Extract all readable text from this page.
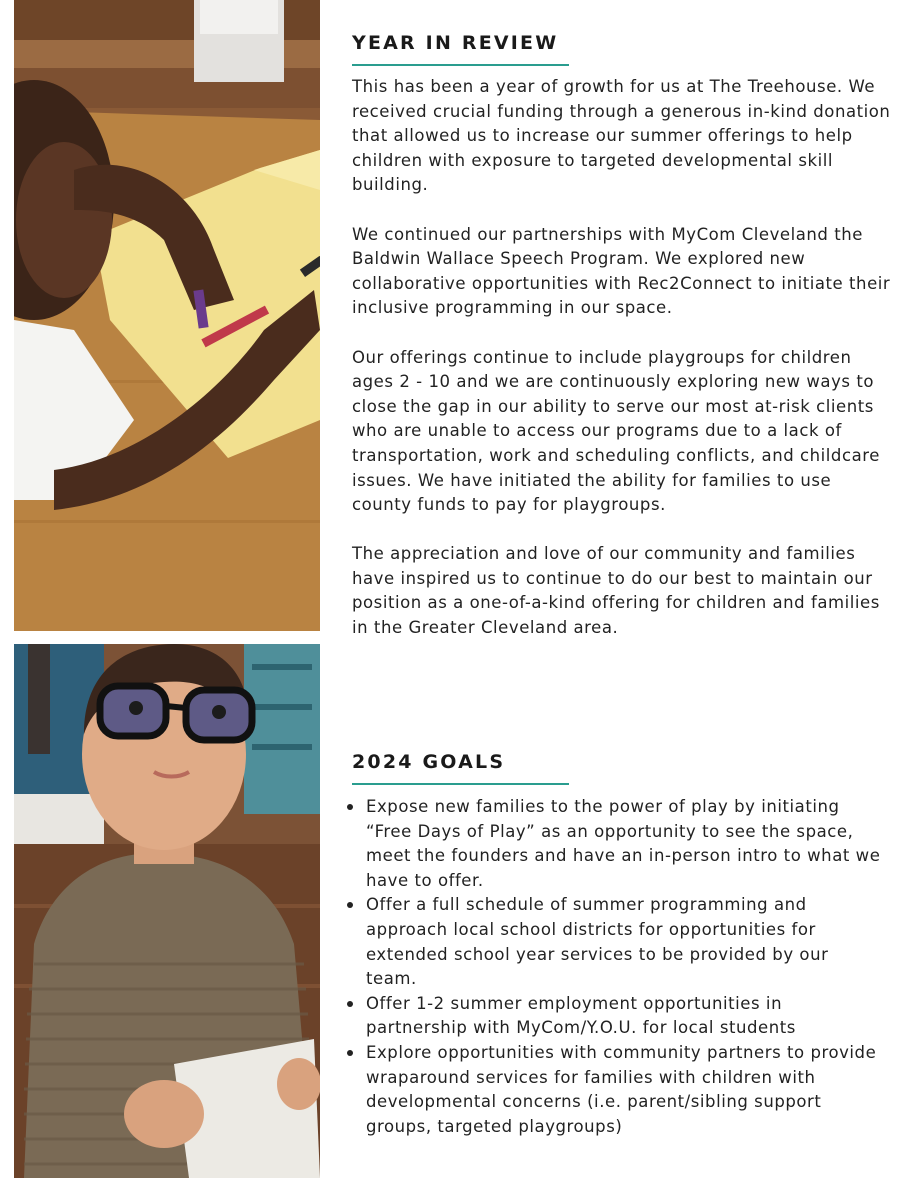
YEAR IN REVIEW

This has been a year of growth for us at The Treehouse. We received crucial funding through a generous in-kind donation that allowed us to increase our summer offerings to help children with exposure to targeted developmental skill building.

We continued our partnerships with MyCom Cleveland the Baldwin Wallace Speech Program. We explored new collaborative opportunities with Rec2Connect to initiate their inclusive programming in our space.

Our offerings continue to include playgroups for children ages 2 - 10 and we are continuously exploring new ways to close the gap in our ability to serve our most at-risk clients who are unable to access our programs due to a lack of transportation, work and scheduling conflicts, and childcare issues. We have initiated the ability for families to use county funds to pay for playgroups.

The appreciation and love of our community and families have inspired us to continue to do our best to maintain our position as a one-of-a-kind offering for children and families in the Greater Cleveland area.

2024 GOALS
Expose new families to the power of play by initiating “Free Days of Play” as an opportunity to see the space, meet the founders and have an in-person intro to what we have to offer.
Offer a full schedule of summer programming and approach local school districts for opportunities for extended school year services to be provided by our team.
Offer 1-2 summer employment opportunities in partnership with MyCom/Y.O.U. for local students
Explore opportunities with community partners to provide wraparound services for families with children with developmental concerns (i.e. parent/sibling support groups, targeted playgroups)
